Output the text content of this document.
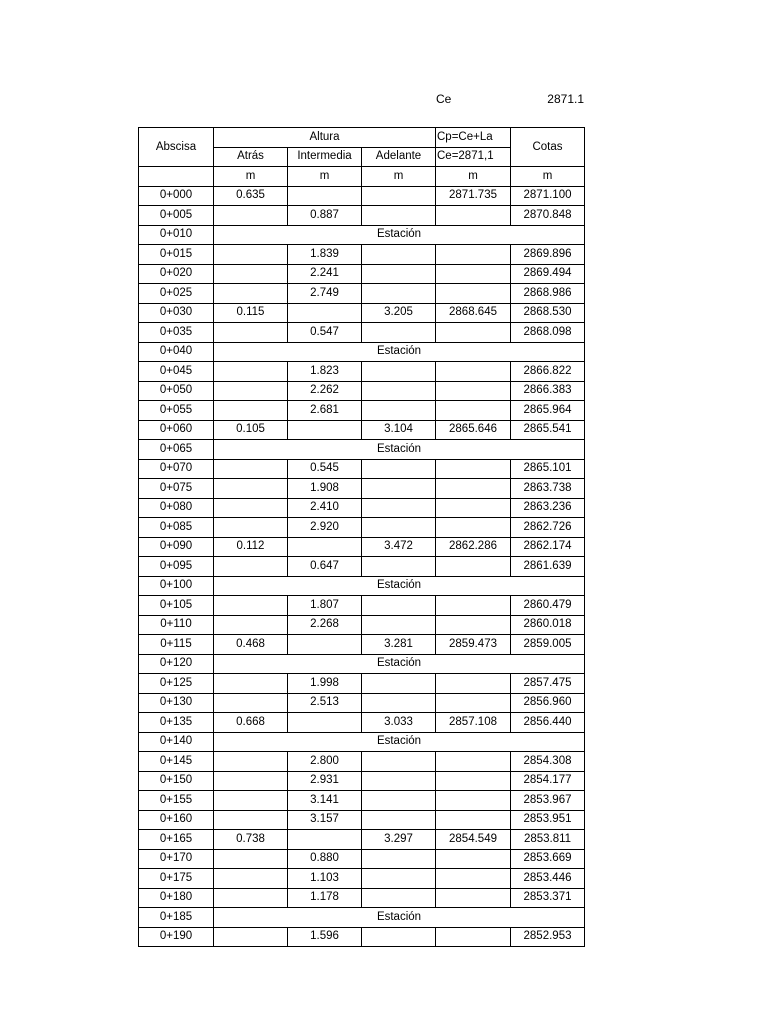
Ce	2871.1
Abscisa	Altura			Cp=Ce+La	Cotas
	Atrás	Intermedia	Adelante	Ce=2871,1	
	m	m	m	m	m
0+000	0.635			2871.735	2871.100
0+005		0.887			2870.848
0+010	Estación				
0+015		1.839			2869.896
0+020		2.241			2869.494
0+025		2.749			2868.986
0+030	0.115		3.205	2868.645	2868.530
0+035		0.547			2868.098
0+040	Estación				
0+045		1.823			2866.822
0+050		2.262			2866.383
0+055		2.681			2865.964
0+060	0.105		3.104	2865.646	2865.541
0+065	Estación				
0+070		0.545			2865.101
0+075		1.908			2863.738
0+080		2.410			2863.236
0+085		2.920			2862.726
0+090	0.112		3.472	2862.286	2862.174
0+095		0.647			2861.639
0+100	Estación				
0+105		1.807			2860.479
0+110		2.268			2860.018
0+115	0.468		3.281	2859.473	2859.005
0+120	Estación				
0+125		1.998			2857.475
0+130		2.513			2856.960
0+135	0.668		3.033	2857.108	2856.440
0+140	Estación				
0+145		2.800			2854.308
0+150		2.931			2854.177
0+155		3.141			2853.967
0+160		3.157			2853.951
0+165	0.738		3.297	2854.549	2853.811
0+170		0.880			2853.669
0+175		1.103			2853.446
0+180		1.178			2853.371
0+185	Estación				
0+190		1.596			2852.953
